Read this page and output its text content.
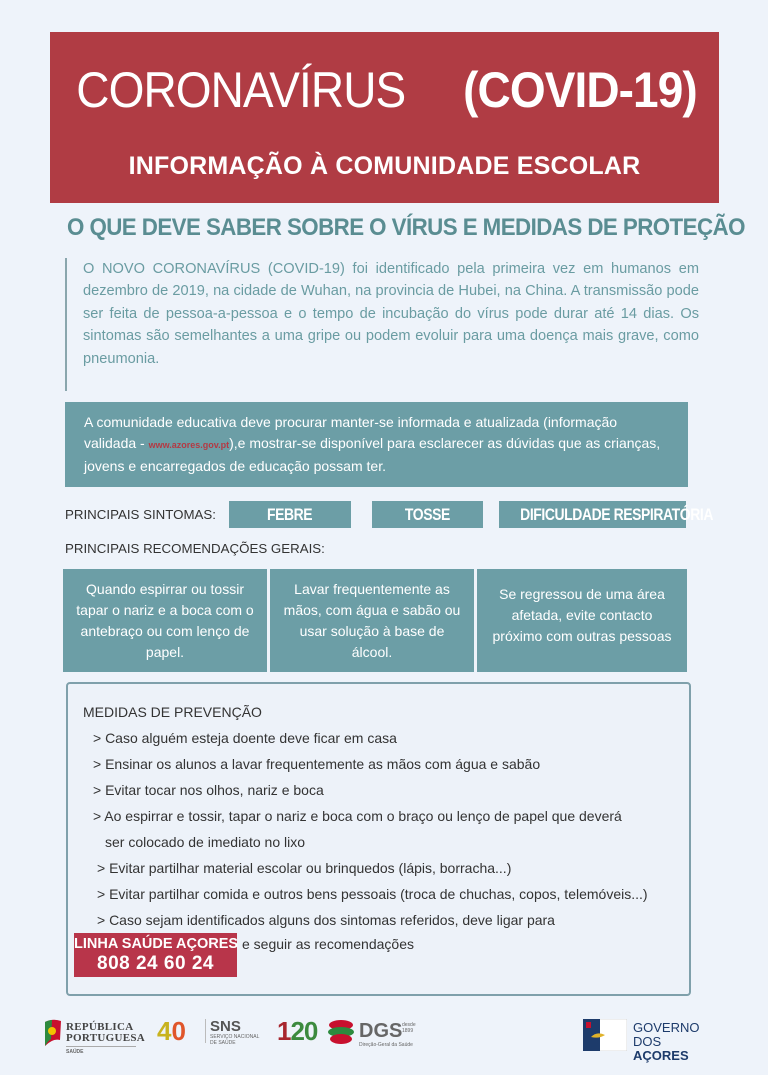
CORONAVÍRUS (COVID-19)
INFORMAÇÃO À COMUNIDADE ESCOLAR
O QUE DEVE SABER SOBRE O VÍRUS E MEDIDAS DE PROTEÇÃO
O NOVO CORONAVÍRUS (COVID-19) foi identificado pela primeira vez em humanos em dezembro de 2019, na cidade de Wuhan, na provincia de Hubei, na China. A transmissão pode ser feita de pessoa-a-pessoa e o tempo de incubação do vírus pode durar até 14 dias. Os sintomas são semelhantes a uma gripe ou podem evoluir para uma doença mais grave, como pneumonia.
A comunidade educativa deve procurar manter-se informada e atualizada (informação validada - www.azores.gov.pt),e mostrar-se disponível para esclarecer as dúvidas que as crianças, jovens e encarregados de educação possam ter.
PRINCIPAIS SINTOMAS:	FEBRE	TOSSE	DIFICULDADE RESPIRATÓRIA
PRINCIPAIS RECOMENDAÇÕES GERAIS:
Quando espirrar ou tossir tapar o nariz e a boca com o antebraço ou com lenço de papel.
Lavar frequentemente as mãos, com água e sabão ou usar solução à base de álcool.
Se regressou de uma área afetada, evite contacto próximo com outras pessoas
MEDIDAS DE PREVENÇÃO
> Caso alguém esteja doente deve ficar em casa
> Ensinar os alunos a lavar frequentemente as mãos com água e sabão
> Evitar tocar nos olhos, nariz e boca
> Ao espirrar e tossir, tapar o nariz e boca com o braço ou lenço de papel que deverá
ser colocado de imediato no lixo
> Evitar partilhar material escolar ou brinquedos (lápis, borracha...)
> Evitar partilhar comida e outros bens pessoais (troca de chuchas, copos, telemóveis...)
> Caso sejam identificados alguns dos sintomas referidos, deve ligar para
LINHA SAÚDE AÇORES
808 24 60 24
e seguir as recomendações
REPÚBLICA
PORTUGUESA
SAÚDE
40 SNS
SERVIÇO NACIONAL
DE SAÚDE 120 DGS desde 1899
Direção-Geral da Saúde
GOVERNO
DOS AÇORES
